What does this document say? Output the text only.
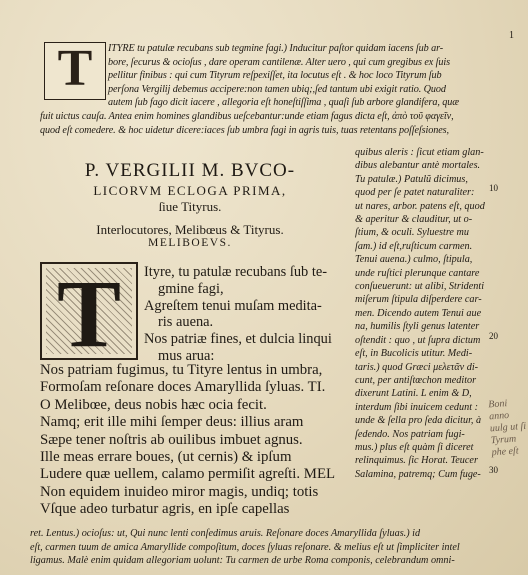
1
ITYRE tu patulæ recubans sub tegmine fagi.) Inducitur paſtor quidam iacens ſub ar-
bore, ſecurus & ocioſus , dare operam cantilenæ. Alter uero , qui cum gregibus ex ſuis
pellitur finibus : qui cum Tityrum reſpexiſſet, ita locutus eſt . & hoc loco Tityrum ſub
perſona Vergilij debemus accipere:non tamen ubiq;,ſed tantum ubi exigit ratio. Quod
autem ſub fago dicit iacere , allegoria eſt honeſtiſſima , quaſi ſub arbore glandifera, quæ
fuit uictus cauſa. Antea enim homines glandibus ueſcebantur:unde etiam fagus dicta eſt, ἀπὸ τοῦ φαγεῖν,
quod eſt comedere. & hoc uidetur dicere:iaces ſub umbra fagi in agris tuis, tuas retentans poſſeſsiones,
T
P. VERGILII M. BVCO-
LICORVM ECLOGA PRIMA,
ſiue Tityrus.
Interlocutores, Melibœus & Tityrus.
MELIBOEVS.
T	Ityre, tu patulæ recubans ſub te-
gmine fagi,
Agreſtem tenui muſam medita-
ris auena.
Nos patriæ fines, et dulcia linqui
mus arua:
Nos patriam fugimus, tu Tityre lentus in umbra,
Formoſam reſonare doces Amaryllida ſyluas. TI.
O Melibœe, deus nobis hæc ocia fecit.
Namq; erit ille mihi ſemper deus: illius aram
Sæpe tener noſtris ab ouilibus imbuet agnus.
Ille meas errare boues, (ut cernis) & ipſum
Ludere quæ uellem, calamo permiſit agreſti. MEL
Non equidem inuideo miror magis, undiq; totis
Vſque adeo turbatur agris, en ipſe capellas
quibus aleris : ſicut etiam glan-
dibus alebantur antè mortales.
Tu patulæ.) Patulũ dicimus,
quod per ſe patet naturaliter:
ut nares, arbor. patens eſt, quod
& aperitur & clauditur, ut o-
ſtium, & oculi. Syluestre mu
ſam.) id eſt,ruſticum carmen.
Tenui auena.) culmo, ſtipula,
unde ruſtici plerunque cantare
conſueuerunt: ut alibi, Stridenti
miſerum ſtipula diſperdere car-
men. Dicendo autem Tenui aue
na, humilis ſtyli genus latenter
oſtendit : quo , ut ſupra dictum
eſt, in Bucolicis utitur. Medi-
taris.) quod Græci μελετᾶν di-
cunt, per antiſtœchon meditor
dixerunt Latini. L enim & D,
interdum ſibi inuicem cedunt :
unde & ſella pro ſeda dicitur, à
ſedendo. Nos patriam fugi-
mus.) plus eſt quàm ſi diceret
relinquimus. ſic Horat. Teucer
Salamina, patremq; Cum fuge-
10
20
30
Boni anno uulg ut ſi Tyrum phe eſt
ret. Lentus.) ocioſus: ut, Qui nunc lenti conſedimus aruis. Reſonare doces Amaryllida ſyluas.) id
eſt, carmen tuum de amica Amaryllide compoſitum, doces ſyluas reſonare. & melius eſt ut ſimpliciter intel
ligamus. Malè enim quidam allegoriam uolunt: Tu carmen de urbe Roma componis, celebrandum omni-
